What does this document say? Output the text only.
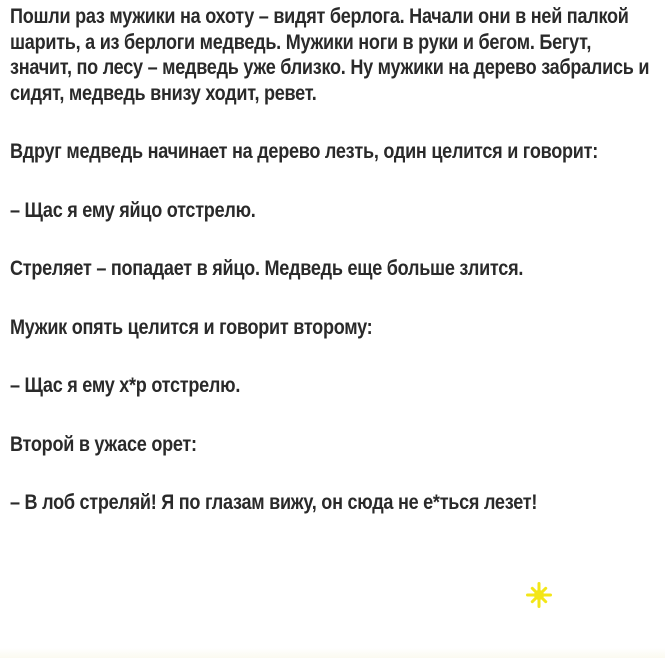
Пошли раз мужики на охоту – видят берлога. Начали они в ней палкой шарить, а из берлоги медведь. Мужики ноги в руки и бегом. Бегут, значит, по лесу – медведь уже близко. Ну мужики на дерево забрались и сидят, медведь внизу ходит, ревет.

Вдруг медведь начинает на дерево лезть, один целится и говорит:

– Щас я ему яйцо отстрелю.

Стреляет – попадает в яйцо. Медведь еще больше злится.

Мужик опять целится и говорит второму:

– Щас я ему х*р отстрелю.

Второй в ужасе орет:

– В лоб стреляй! Я по глазам вижу, он сюда не е*ться лезет!
